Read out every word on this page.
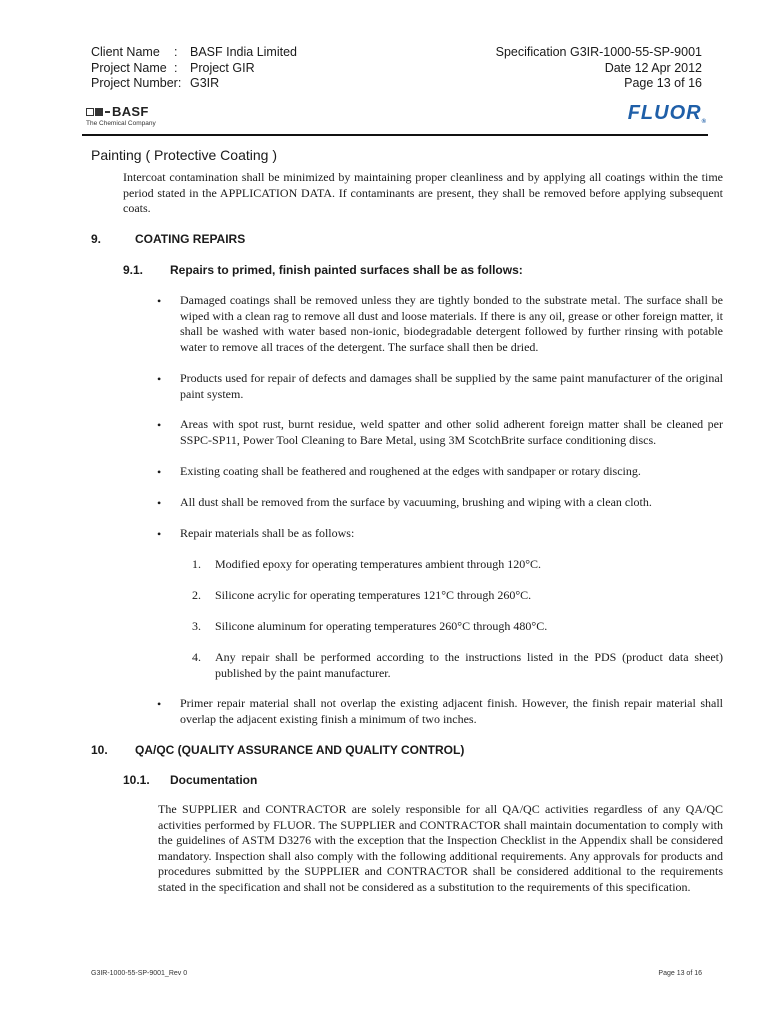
Client Name	:	BASF India Limited
Project Name :	Project GIR
Project Number: G3IR
Specification G3IR-1000-55-SP-9001
Date 12 Apr 2012
Page 13 of 16
BASF
The Chemical Company	FLUOR®
Painting ( Protective Coating )
Intercoat contamination shall be minimized by maintaining proper cleanliness and by applying all coatings within the time period stated in the APPLICATION DATA. If contaminants are present, they shall be removed before applying subsequent coats.
9.	COATING REPAIRS
9.1. Repairs to primed, finish painted surfaces shall be as follows:
• Damaged coatings shall be removed unless they are tightly bonded to the substrate metal. The surface shall be wiped with a clean rag to remove all dust and loose materials. If there is any oil, grease or other foreign matter, it shall be washed with water based non-ionic, biodegradable detergent followed by further rinsing with potable water to remove all traces of the detergent. The surface shall then be dried.
• Products used for repair of defects and damages shall be supplied by the same paint manufacturer of the original paint system.
• Areas with spot rust, burnt residue, weld spatter and other solid adherent foreign matter shall be cleaned per SSPC-SP11, Power Tool Cleaning to Bare Metal, using 3M ScotchBrite surface conditioning discs.
• Existing coating shall be feathered and roughened at the edges with sandpaper or rotary discing.
• All dust shall be removed from the surface by vacuuming, brushing and wiping with a clean cloth.
• Repair materials shall be as follows:
1. Modified epoxy for operating temperatures ambient through 120°C.
2. Silicone acrylic for operating temperatures 121°C through 260°C.
3. Silicone aluminum for operating temperatures 260°C through 480°C.
4. Any repair shall be performed according to the instructions listed in the PDS (product data sheet) published by the paint manufacturer.
• Primer repair material shall not overlap the existing adjacent finish. However, the finish repair material shall overlap the adjacent existing finish a minimum of two inches.
10. QA/QC (QUALITY ASSURANCE AND QUALITY CONTROL)
10.1. Documentation
The SUPPLIER and CONTRACTOR are solely responsible for all QA/QC activities regardless of any QA/QC activities performed by FLUOR. The SUPPLIER and CONTRACTOR shall maintain documentation to comply with the guidelines of ASTM D3276 with the exception that the Inspection Checklist in the Appendix shall be considered mandatory. Inspection shall also comply with the following additional requirements. Any approvals for products and procedures submitted by the SUPPLIER and CONTRACTOR shall be considered additional to the requirements stated in the specification and shall not be considered as a substitution to the requirements of this specification.
G3IR-1000-55-SP-9001_Rev 0	Page 13 of 16
